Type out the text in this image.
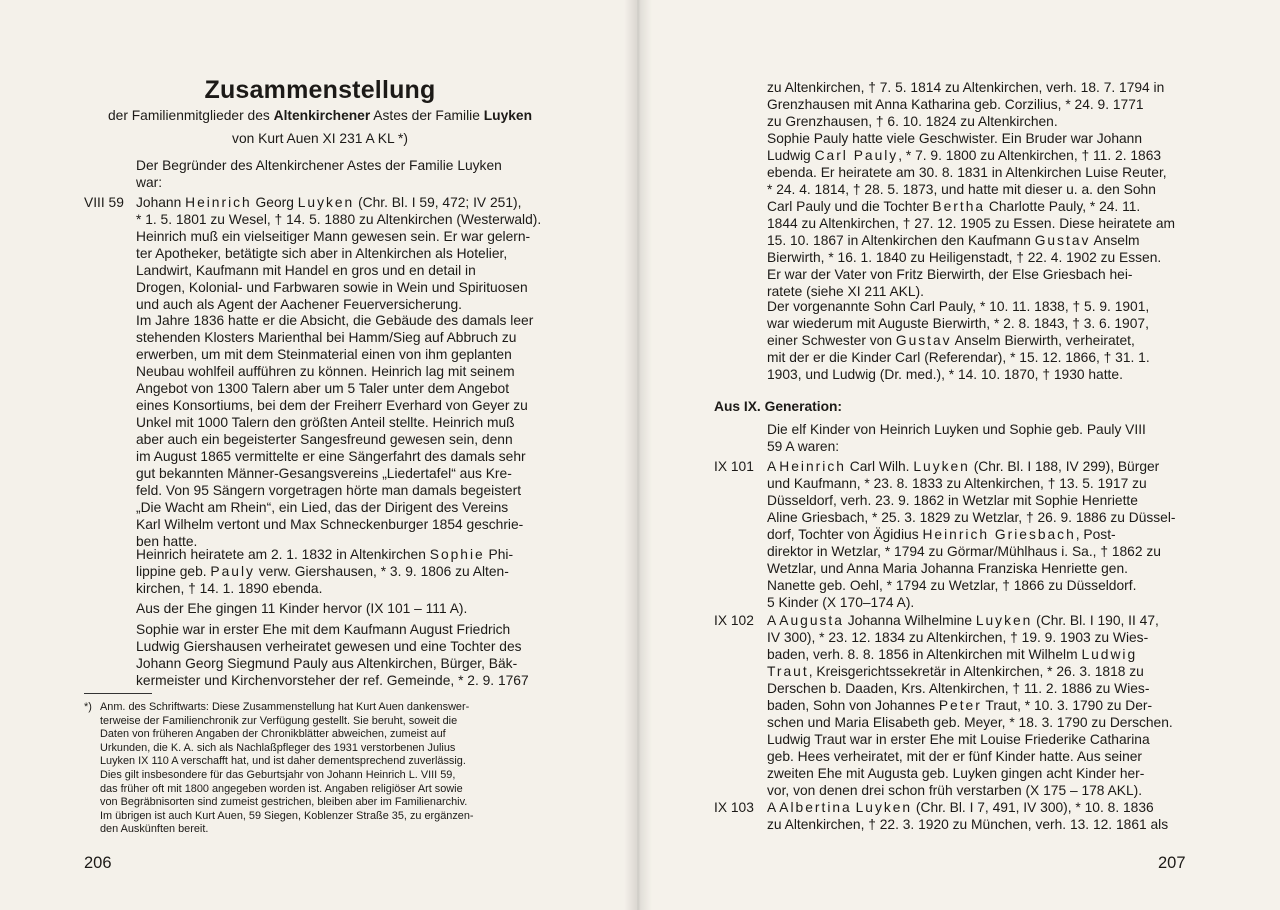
Zusammenstellung
der Familienmitglieder des Altenkirchener Astes der Familie Luyken
von Kurt Auen XI 231 A KL *)
Der Begründer des Altenkirchener Astes der Familie Luyken
war:
VIII 59 Johann Heinrich Georg Luyken (Chr. Bl. I 59, 472; IV 251),
* 1. 5. 1801 zu Wesel, † 14. 5. 1880 zu Altenkirchen (Westerwald).
Heinrich muß ein vielseitiger Mann gewesen sein. Er war gelern-
ter Apotheker, betätigte sich aber in Altenkirchen als Hotelier,
Landwirt, Kaufmann mit Handel en gros und en detail in
Drogen, Kolonial- und Farbwaren sowie in Wein und Spirituosen
und auch als Agent der Aachener Feuerversicherung.
Im Jahre 1836 hatte er die Absicht, die Gebäude des damals leer
stehenden Klosters Marienthal bei Hamm/Sieg auf Abbruch zu
erwerben, um mit dem Steinmaterial einen von ihm geplanten
Neubau wohlfeil aufführen zu können. Heinrich lag mit seinem
Angebot von 1300 Talern aber um 5 Taler unter dem Angebot
eines Konsortiums, bei dem der Freiherr Everhard von Geyer zu
Unkel mit 1000 Talern den größten Anteil stellte. Heinrich muß
aber auch ein begeisterter Sangesfreund gewesen sein, denn
im August 1865 vermittelte er eine Sängerfahrt des damals sehr
gut bekannten Männer-Gesangsvereins „Liedertafel“ aus Kre-
feld. Von 95 Sängern vorgetragen hörte man damals begeistert
„Die Wacht am Rhein“, ein Lied, das der Dirigent des Vereins
Karl Wilhelm vertont und Max Schneckenburger 1854 geschrie-
ben hatte.
Heinrich heiratete am 2. 1. 1832 in Altenkirchen Sophie Phi-
lippine geb. Pauly verw. Giershausen, * 3. 9. 1806 zu Alten-
kirchen, † 14. 1. 1890 ebenda.
Aus der Ehe gingen 11 Kinder hervor (IX 101 – 111 A).
Sophie war in erster Ehe mit dem Kaufmann August Friedrich
Ludwig Giershausen verheiratet gewesen und eine Tochter des
Johann Georg Siegmund Pauly aus Altenkirchen, Bürger, Bäk-
kermeister und Kirchenvorsteher der ref. Gemeinde, * 2. 9. 1767
*) Anm. des Schriftwarts: Diese Zusammenstellung hat Kurt Auen dankenswer-
terweise der Familienchronik zur Verfügung gestellt. Sie beruht, soweit die
Daten von früheren Angaben der Chronikblätter abweichen, zumeist auf
Urkunden, die K. A. sich als Nachlaßpfleger des 1931 verstorbenen Julius
Luyken IX 110 A verschafft hat, und ist daher dementsprechend zuverlässig.
Dies gilt insbesondere für das Geburtsjahr von Johann Heinrich L. VIII 59,
das früher oft mit 1800 angegeben worden ist. Angaben religiöser Art sowie
von Begräbnisorten sind zumeist gestrichen, bleiben aber im Familienarchiv.
Im übrigen ist auch Kurt Auen, 59 Siegen, Koblenzer Straße 35, zu ergänzen-
den Auskünften bereit.
206	207
zu Altenkirchen, † 7. 5. 1814 zu Altenkirchen, verh. 18. 7. 1794 in
Grenzhausen mit Anna Katharina geb. Corzilius, * 24. 9. 1771
zu Grenzhausen, † 6. 10. 1824 zu Altenkirchen.
Sophie Pauly hatte viele Geschwister. Ein Bruder war Johann
Ludwig Carl Pauly, * 7. 9. 1800 zu Altenkirchen, † 11. 2. 1863
ebenda. Er heiratete am 30. 8. 1831 in Altenkirchen Luise Reuter,
* 24. 4. 1814, † 28. 5. 1873, und hatte mit dieser u. a. den Sohn
Carl Pauly und die Tochter Bertha Charlotte Pauly, * 24. 11.
1844 zu Altenkirchen, † 27. 12. 1905 zu Essen. Diese heiratete am
15. 10. 1867 in Altenkirchen den Kaufmann Gustav Anselm
Bierwirth, * 16. 1. 1840 zu Heiligenstadt, † 22. 4. 1902 zu Essen.
Er war der Vater von Fritz Bierwirth, der Else Griesbach hei-
ratete (siehe XI 211 AKL).
Der vorgenannte Sohn Carl Pauly, * 10. 11. 1838, † 5. 9. 1901,
war wiederum mit Auguste Bierwirth, * 2. 8. 1843, † 3. 6. 1907,
einer Schwester von Gustav Anselm Bierwirth, verheiratet,
mit der er die Kinder Carl (Referendar), * 15. 12. 1866, † 31. 1.
1903, und Ludwig (Dr. med.), * 14. 10. 1870, † 1930 hatte.
Aus IX. Generation:
Die elf Kinder von Heinrich Luyken und Sophie geb. Pauly VIII
59 A waren:
IX 101 A Heinrich Carl Wilh. Luyken (Chr. Bl. I 188, IV 299), Bürger
und Kaufmann, * 23. 8. 1833 zu Altenkirchen, † 13. 5. 1917 zu
Düsseldorf, verh. 23. 9. 1862 in Wetzlar mit Sophie Henriette
Aline Griesbach, * 25. 3. 1829 zu Wetzlar, † 26. 9. 1886 zu Düssel-
dorf, Tochter von Ägidius Heinrich Griesbach, Post-
direktor in Wetzlar, * 1794 zu Görmar/Mühlhaus i. Sa., † 1862 zu
Wetzlar, und Anna Maria Johanna Franziska Henriette gen.
Nanette geb. Oehl, * 1794 zu Wetzlar, † 1866 zu Düsseldorf.
5 Kinder (X 170–174 A).
IX 102 A Augusta Johanna Wilhelmine Luyken (Chr. Bl. I 190, II 47,
IV 300), * 23. 12. 1834 zu Altenkirchen, † 19. 9. 1903 zu Wies-
baden, verh. 8. 8. 1856 in Altenkirchen mit Wilhelm Ludwig
Traut, Kreisgerichtssekretär in Altenkirchen, * 26. 3. 1818 zu
Derschen b. Daaden, Krs. Altenkirchen, † 11. 2. 1886 zu Wies-
baden, Sohn von Johannes Peter Traut, * 10. 3. 1790 zu Der-
schen und Maria Elisabeth geb. Meyer, * 18. 3. 1790 zu Derschen.
Ludwig Traut war in erster Ehe mit Louise Friederike Catharina
geb. Hees verheiratet, mit der er fünf Kinder hatte. Aus seiner
zweiten Ehe mit Augusta geb. Luyken gingen acht Kinder her-
vor, von denen drei schon früh verstarben (X 175 – 178 AKL).
IX 103 A Albertina Luyken (Chr. Bl. I 7, 491, IV 300), * 10. 8. 1836
zu Altenkirchen, † 22. 3. 1920 zu München, verh. 13. 12. 1861 als
